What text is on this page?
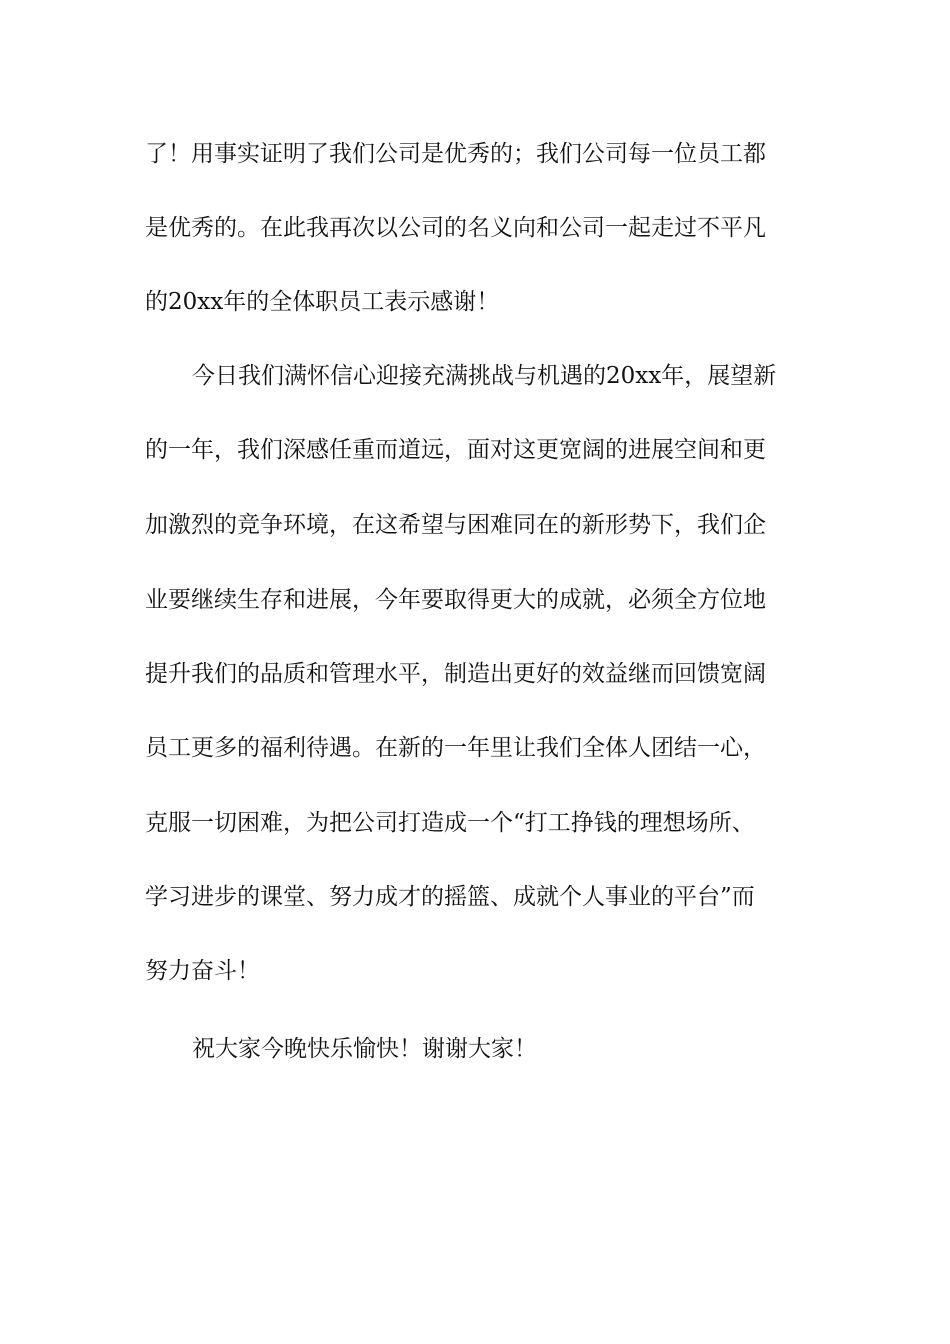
了！用事实证明了我们公司是优秀的；我们公司每一位员工都
是优秀的。在此我再次以公司的名义向和公司一起走过不平凡
的20xx年的全体职员工表示感谢！
今日我们满怀信心迎接充满挑战与机遇的20xx年，展望新
的一年，我们深感任重而道远，面对这更宽阔的进展空间和更
加激烈的竞争环境，在这希望与困难同在的新形势下，我们企
业要继续生存和进展，今年要取得更大的成就，必须全方位地
提升我们的品质和管理水平，制造出更好的效益继而回馈宽阔
员工更多的福利待遇。在新的一年里让我们全体人团结一心，
克服一切困难，为把公司打造成一个“打工挣钱的理想场所、
学习进步的课堂、努力成才的摇篮、成就个人事业的平台”而
努力奋斗！
祝大家今晚快乐愉快！谢谢大家！
